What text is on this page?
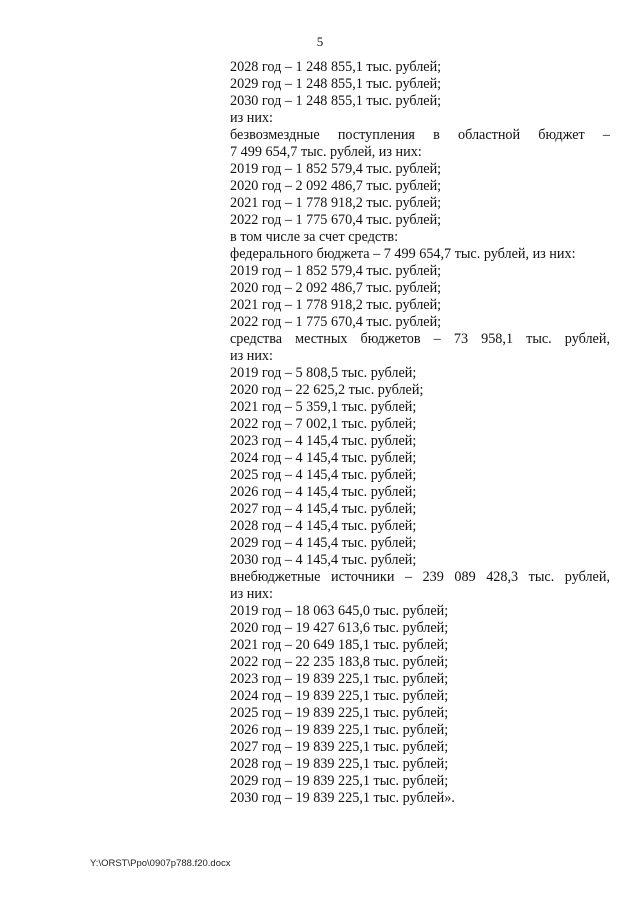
5
2028 год – 1 248 855,1 тыс. рублей;
2029 год – 1 248 855,1 тыс. рублей;
2030 год – 1 248 855,1 тыс. рублей;
из них:
безвозмездные поступления в областной бюджет –
7 499 654,7 тыс. рублей, из них:
2019 год – 1 852 579,4 тыс. рублей;
2020 год – 2 092 486,7 тыс. рублей;
2021 год – 1 778 918,2 тыс. рублей;
2022 год – 1 775 670,4 тыс. рублей;
в том числе за счет средств:
федерального бюджета – 7 499 654,7 тыс. рублей, из них:
2019 год – 1 852 579,4 тыс. рублей;
2020 год – 2 092 486,7 тыс. рублей;
2021 год – 1 778 918,2 тыс. рублей;
2022 год – 1 775 670,4 тыс. рублей;
средства местных бюджетов – 73 958,1 тыс. рублей,
из них:
2019 год – 5 808,5 тыс. рублей;
2020 год – 22 625,2 тыс. рублей;
2021 год – 5 359,1 тыс. рублей;
2022 год – 7 002,1 тыс. рублей;
2023 год – 4 145,4 тыс. рублей;
2024 год – 4 145,4 тыс. рублей;
2025 год – 4 145,4 тыс. рублей;
2026 год – 4 145,4 тыс. рублей;
2027 год – 4 145,4 тыс. рублей;
2028 год – 4 145,4 тыс. рублей;
2029 год – 4 145,4 тыс. рублей;
2030 год – 4 145,4 тыс. рублей;
внебюджетные источники – 239 089 428,3 тыс. рублей,
из них:
2019 год – 18 063 645,0 тыс. рублей;
2020 год – 19 427 613,6 тыс. рублей;
2021 год – 20 649 185,1 тыс. рублей;
2022 год – 22 235 183,8 тыс. рублей;
2023 год – 19 839 225,1 тыс. рублей;
2024 год – 19 839 225,1 тыс. рублей;
2025 год – 19 839 225,1 тыс. рублей;
2026 год – 19 839 225,1 тыс. рублей;
2027 год – 19 839 225,1 тыс. рублей;
2028 год – 19 839 225,1 тыс. рублей;
2029 год – 19 839 225,1 тыс. рублей;
2030 год – 19 839 225,1 тыс. рублей».
Y:\ORST\Ppo\0907p788.f20.docx
